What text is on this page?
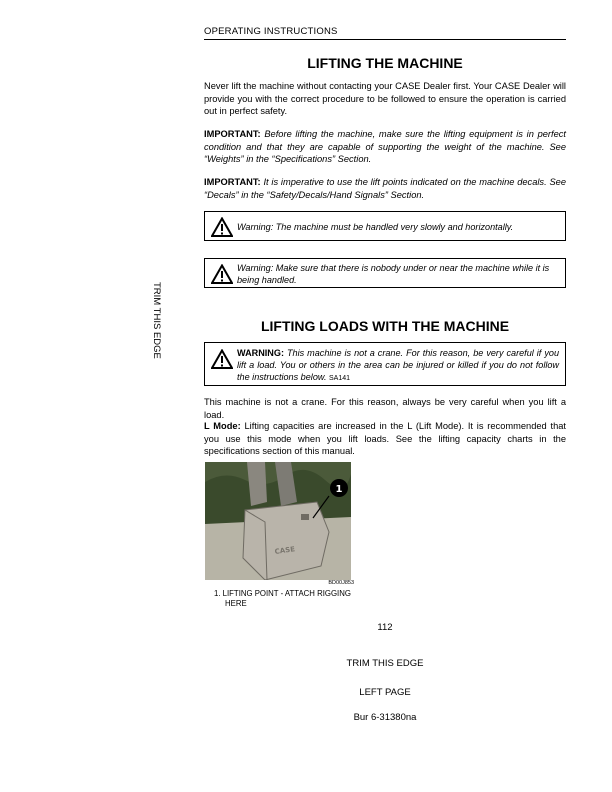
OPERATING INSTRUCTIONS
TRIM THIS EDGE
LIFTING THE MACHINE
Never lift the machine without contacting your CASE Dealer first. Your CASE Dealer will provide you with the correct procedure to be followed to ensure the operation is carried out in perfect safety.
IMPORTANT: Before lifting the machine, make sure the lifting equipment is in perfect condition and that they are capable of supporting the weight of the machine. See “Weights” in the “Specifications” Section.
IMPORTANT: It is imperative to use the lift points indicated on the machine decals. See “Decals” in the “Safety/Decals/Hand Signals” Section.
Warning: The machine must be handled very slowly and horizontally.
Warning: Make sure that there is nobody under or near the machine while it is being handled.
LIFTING LOADS WITH THE MACHINE
WARNING: This machine is not a crane. For this reason, be very careful if you lift a load. You or others in the area can be injured or killed if you do not follow the instructions below. SA141
This machine is not a crane. For this reason, always be very careful when you lift a load.
L Mode: Lifting capacities are increased in the L (Lift Mode). It is recommended that you use this mode when you lift loads. See the lifting capacity charts in the specifications section of this manual.
CASE
1
BD00J853
1. LIFTING POINT - ATTACH RIGGING
HERE
112
TRIM THIS EDGE
LEFT PAGE
Bur 6-31380na
